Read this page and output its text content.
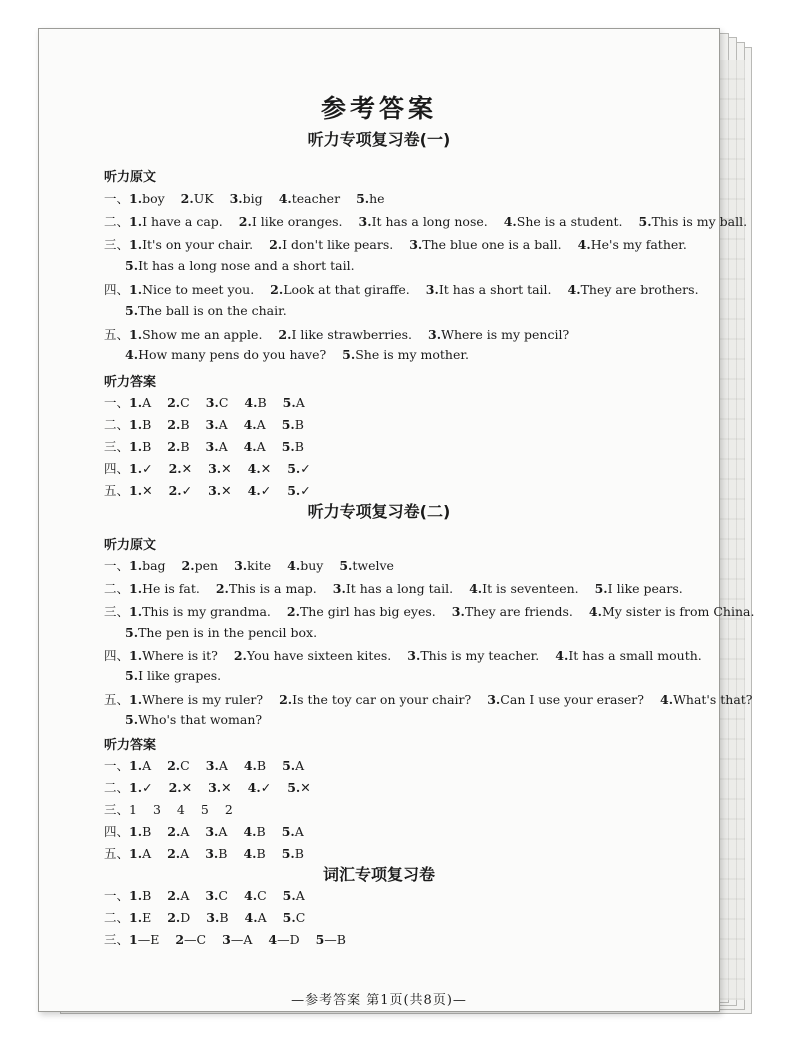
参考答案
听力专项复习卷(一)
听力原文
一、1.boy 2.UK 3.big 4.teacher 5.he
二、1.I have a cap. 2.I like oranges. 3.It has a long nose. 4.She is a student. 5.This is my ball.
三、1.It's on your chair. 2.I don't like pears. 3.The blue one is a ball. 4.He's my father.
5.It has a long nose and a short tail.
四、1.Nice to meet you. 2.Look at that giraffe. 3.It has a short tail. 4.They are brothers.
5.The ball is on the chair.
五、1.Show me an apple. 2.I like strawberries. 3.Where is my pencil?
4.How many pens do you have? 5.She is my mother.
听力答案
一、1.A 2.C 3.C 4.B 5.A
二、1.B 2.B 3.A 4.A 5.B
三、1.B 2.B 3.A 4.A 5.B
四、1.✓ 2.✕ 3.✕ 4.✕ 5.✓
五、1.✕ 2.✓ 3.✕ 4.✓ 5.✓
听力专项复习卷(二)
听力原文
一、1.bag 2.pen 3.kite 4.buy 5.twelve
二、1.He is fat. 2.This is a map. 3.It has a long tail. 4.It is seventeen. 5.I like pears.
三、1.This is my grandma. 2.The girl has big eyes. 3.They are friends. 4.My sister is from China.
5.The pen is in the pencil box.
四、1.Where is it? 2.You have sixteen kites. 3.This is my teacher. 4.It has a small mouth.
5.I like grapes.
五、1.Where is my ruler? 2.Is the toy car on your chair? 3.Can I use your eraser? 4.What's that?
5.Who's that woman?
听力答案
一、1.A 2.C 3.A 4.B 5.A
二、1.✓ 2.✕ 3.✕ 4.✓ 5.✕
三、1 3 4 5 2
四、1.B 2.A 3.A 4.B 5.A
五、1.A 2.A 3.B 4.B 5.B
词汇专项复习卷
一、1.B 2.A 3.C 4.C 5.A
二、1.E 2.D 3.B 4.A 5.C
三、1—E 2—C 3—A 4—D 5—B
—参考答案 第1页(共8页)—
